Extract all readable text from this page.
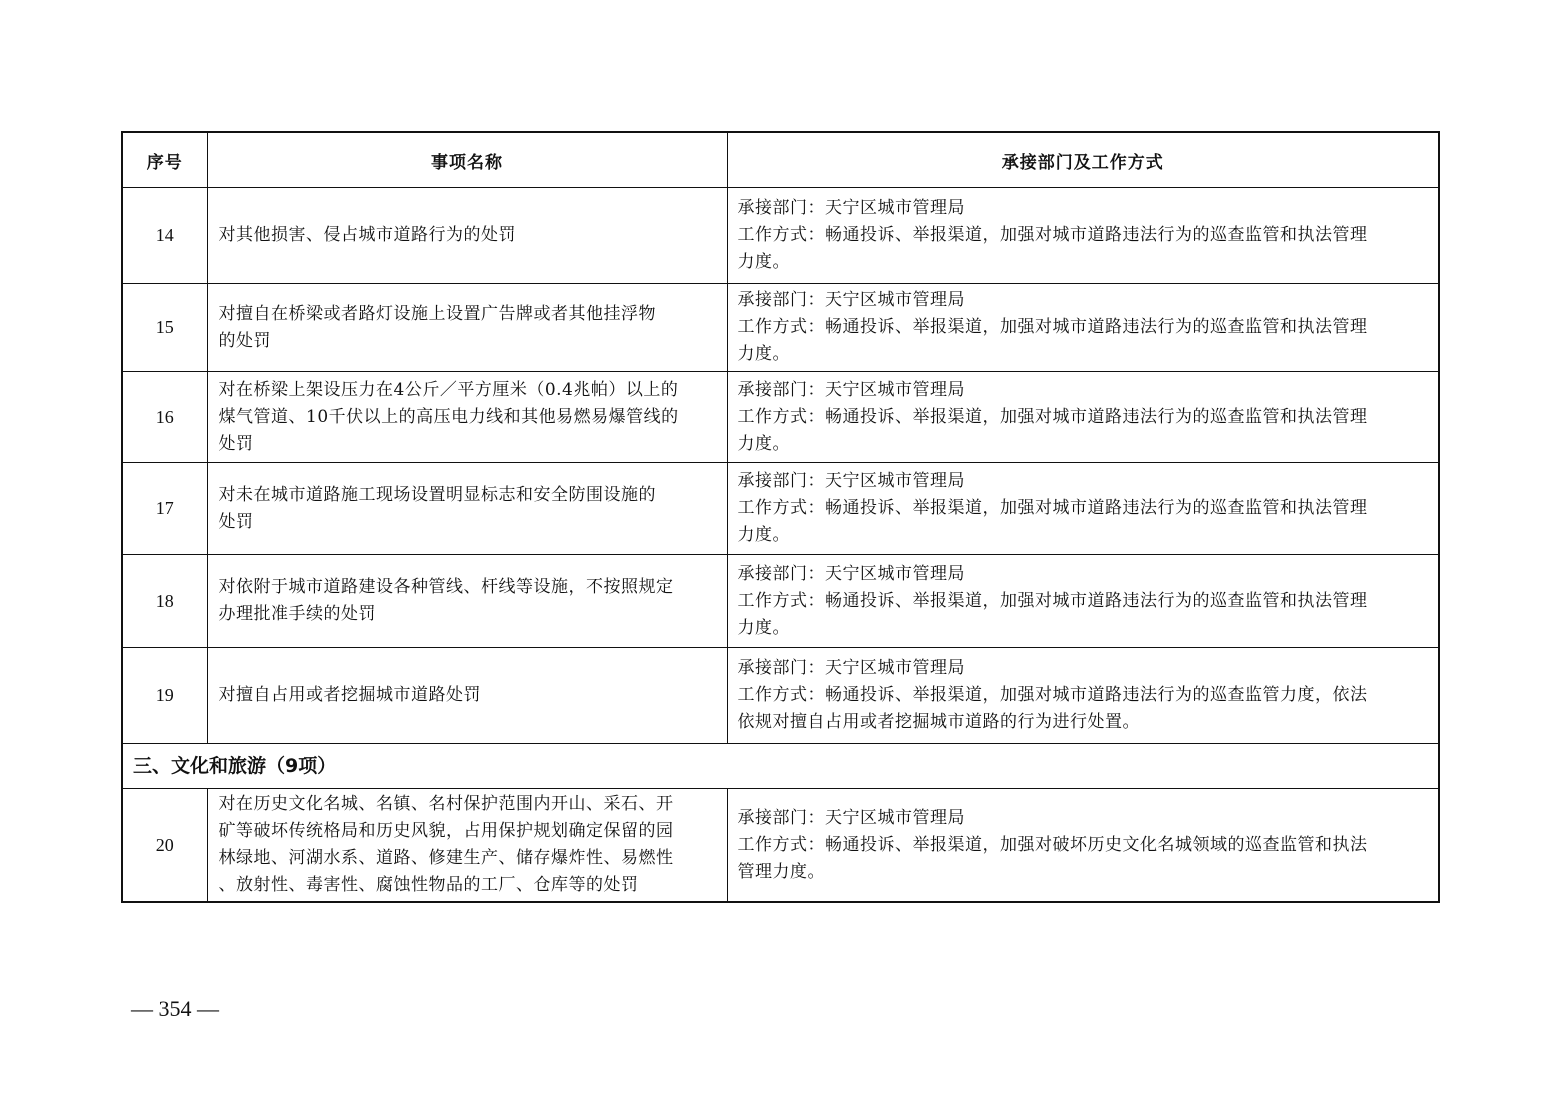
序号	事项名称	承接部门及工作方式
14	对其他损害、侵占城市道路行为的处罚	承接部门：天宁区城市管理局
工作方式：畅通投诉、举报渠道，加强对城市道路违法行为的巡查监管和执法管理
力度。

15	对擅自在桥梁或者路灯设施上设置广告牌或者其他挂浮物
的处罚	承接部门：天宁区城市管理局
工作方式：畅通投诉、举报渠道，加强对城市道路违法行为的巡查监管和执法管理
力度。

16	对在桥梁上架设压力在4公斤／平方厘米（0.4兆帕）以上的
煤气管道、10千伏以上的高压电力线和其他易燃易爆管线的
处罚	承接部门：天宁区城市管理局
工作方式：畅通投诉、举报渠道，加强对城市道路违法行为的巡查监管和执法管理
力度。

17	对未在城市道路施工现场设置明显标志和安全防围设施的
处罚	承接部门：天宁区城市管理局
工作方式：畅通投诉、举报渠道，加强对城市道路违法行为的巡查监管和执法管理
力度。

18	对依附于城市道路建设各种管线、杆线等设施，不按照规定
办理批准手续的处罚	承接部门：天宁区城市管理局
工作方式：畅通投诉、举报渠道，加强对城市道路违法行为的巡查监管和执法管理
力度。

19	对擅自占用或者挖掘城市道路处罚	承接部门：天宁区城市管理局
工作方式：畅通投诉、举报渠道，加强对城市道路违法行为的巡查监管力度，依法
依规对擅自占用或者挖掘城市道路的行为进行处置。

三、文化和旅游（9项）		
20	对在历史文化名城、名镇、名村保护范围内开山、采石、开
矿等破坏传统格局和历史风貌，占用保护规划确定保留的园
林绿地、河湖水系、道路、修建生产、储存爆炸性、易燃性
、放射性、毒害性、腐蚀性物品的工厂、仓库等的处罚	承接部门：天宁区城市管理局
工作方式：畅通投诉、举报渠道，加强对破坏历史文化名城领域的巡查监管和执法
管理力度。
— 354 —
